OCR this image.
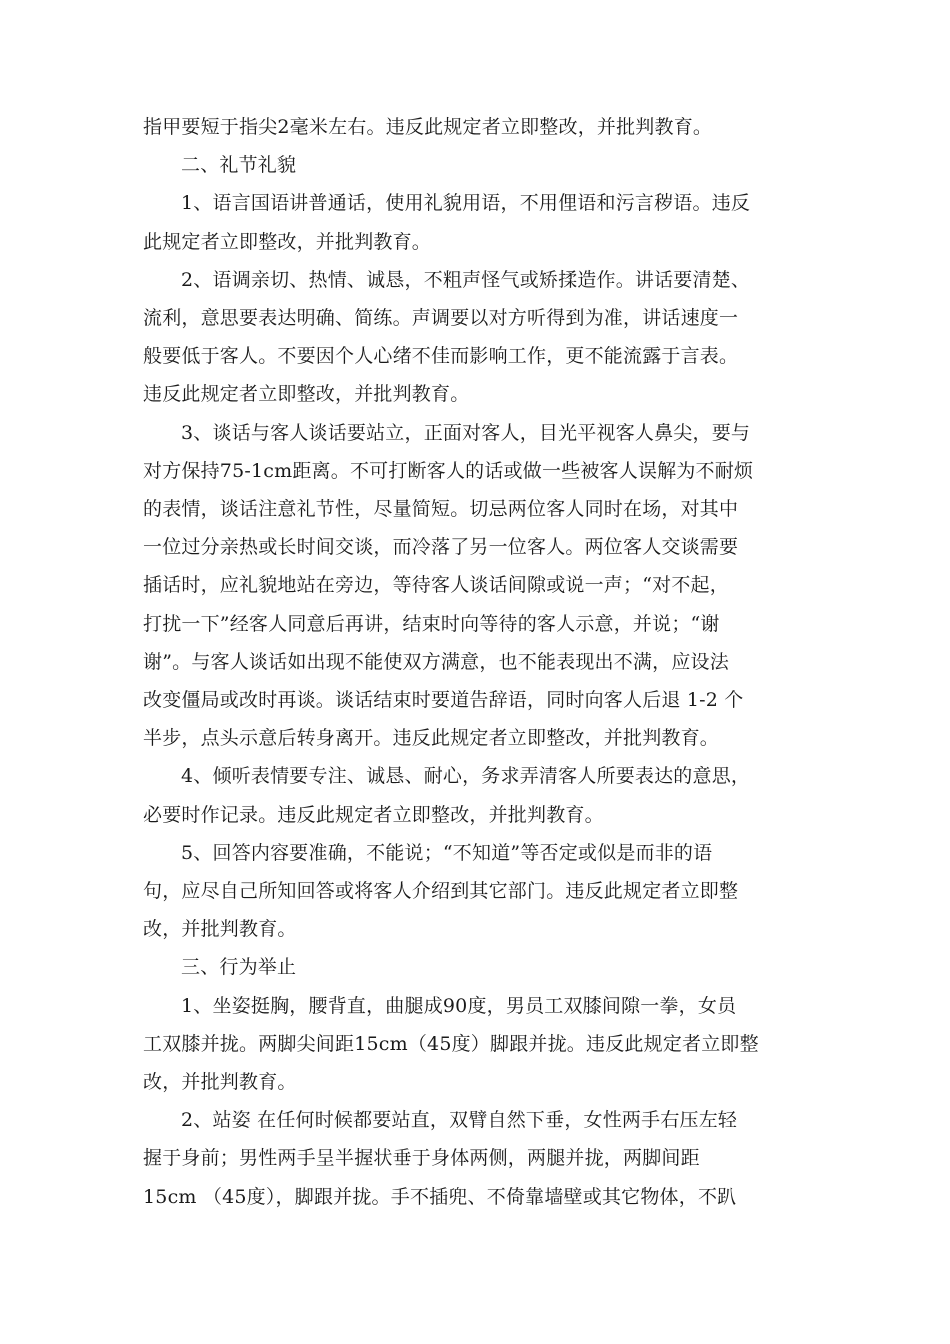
指甲要短于指尖2毫米左右。违反此规定者立即整改，并批判教育。

二、礼节礼貌

1、语言国语讲普通话，使用礼貌用语，不用俚语和污言秽语。违反
此规定者立即整改，并批判教育。

2、语调亲切、热情、诚恳，不粗声怪气或矫揉造作。讲话要清楚、
流利，意思要表达明确、简练。声调要以对方听得到为准，讲话速度一
般要低于客人。不要因个人心绪不佳而影响工作，更不能流露于言表。
违反此规定者立即整改，并批判教育。

3、谈话与客人谈话要站立，正面对客人，目光平视客人鼻尖，要与
对方保持75-1cm距离。不可打断客人的话或做一些被客人误解为不耐烦
的表情，谈话注意礼节性，尽量简短。切忌两位客人同时在场，对其中
一位过分亲热或长时间交谈，而冷落了另一位客人。两位客人交谈需要
插话时，应礼貌地站在旁边，等待客人谈话间隙或说一声；“对不起，
打扰一下”经客人同意后再讲，结束时向等待的客人示意，并说；“谢
谢”。与客人谈话如出现不能使双方满意，也不能表现出不满，应设法
改变僵局或改时再谈。谈话结束时要道告辞语，同时向客人后退 1-2 个
半步，点头示意后转身离开。违反此规定者立即整改，并批判教育。

4、倾听表情要专注、诚恳、耐心，务求弄清客人所要表达的意思，
必要时作记录。违反此规定者立即整改，并批判教育。

5、回答内容要准确，不能说；“不知道”等否定或似是而非的语
句，应尽自己所知回答或将客人介绍到其它部门。违反此规定者立即整
改，并批判教育。

三、行为举止

1、坐姿挺胸，腰背直，曲腿成90度，男员工双膝间隙一拳，女员
工双膝并拢。两脚尖间距15cm（45度）脚跟并拢。违反此规定者立即整
改，并批判教育。

2、站姿 在任何时候都要站直，双臂自然下垂，女性两手右压左轻
握于身前；男性两手呈半握状垂于身体两侧，两腿并拢，两脚间距
15cm （45度），脚跟并拢。手不插兜、不倚靠墙壁或其它物体，不趴
